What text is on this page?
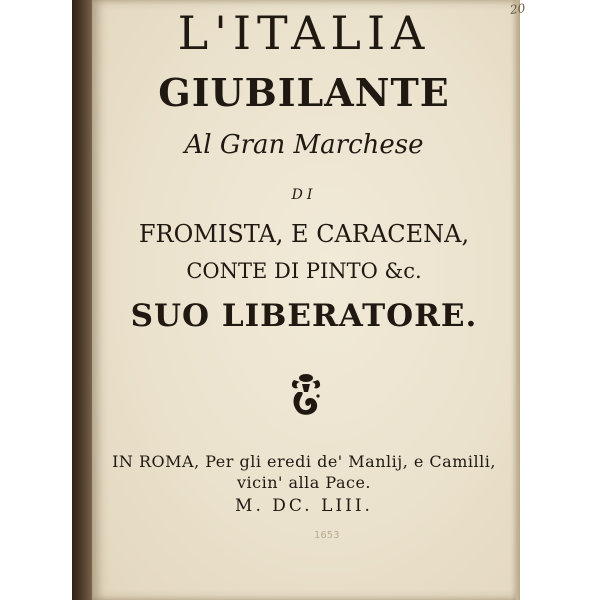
20
L'ITALIA
GIUBILANTE
Al Gran Marchese
DI
FROMISTA, E CARACENA,
CONTE DI PINTO &c.
SUO LIBERATORE.
IN ROMA, Per gli eredi de' Manlij, e Camilli,
vicin' alla Pace.
M. DC. LIII.
1653
